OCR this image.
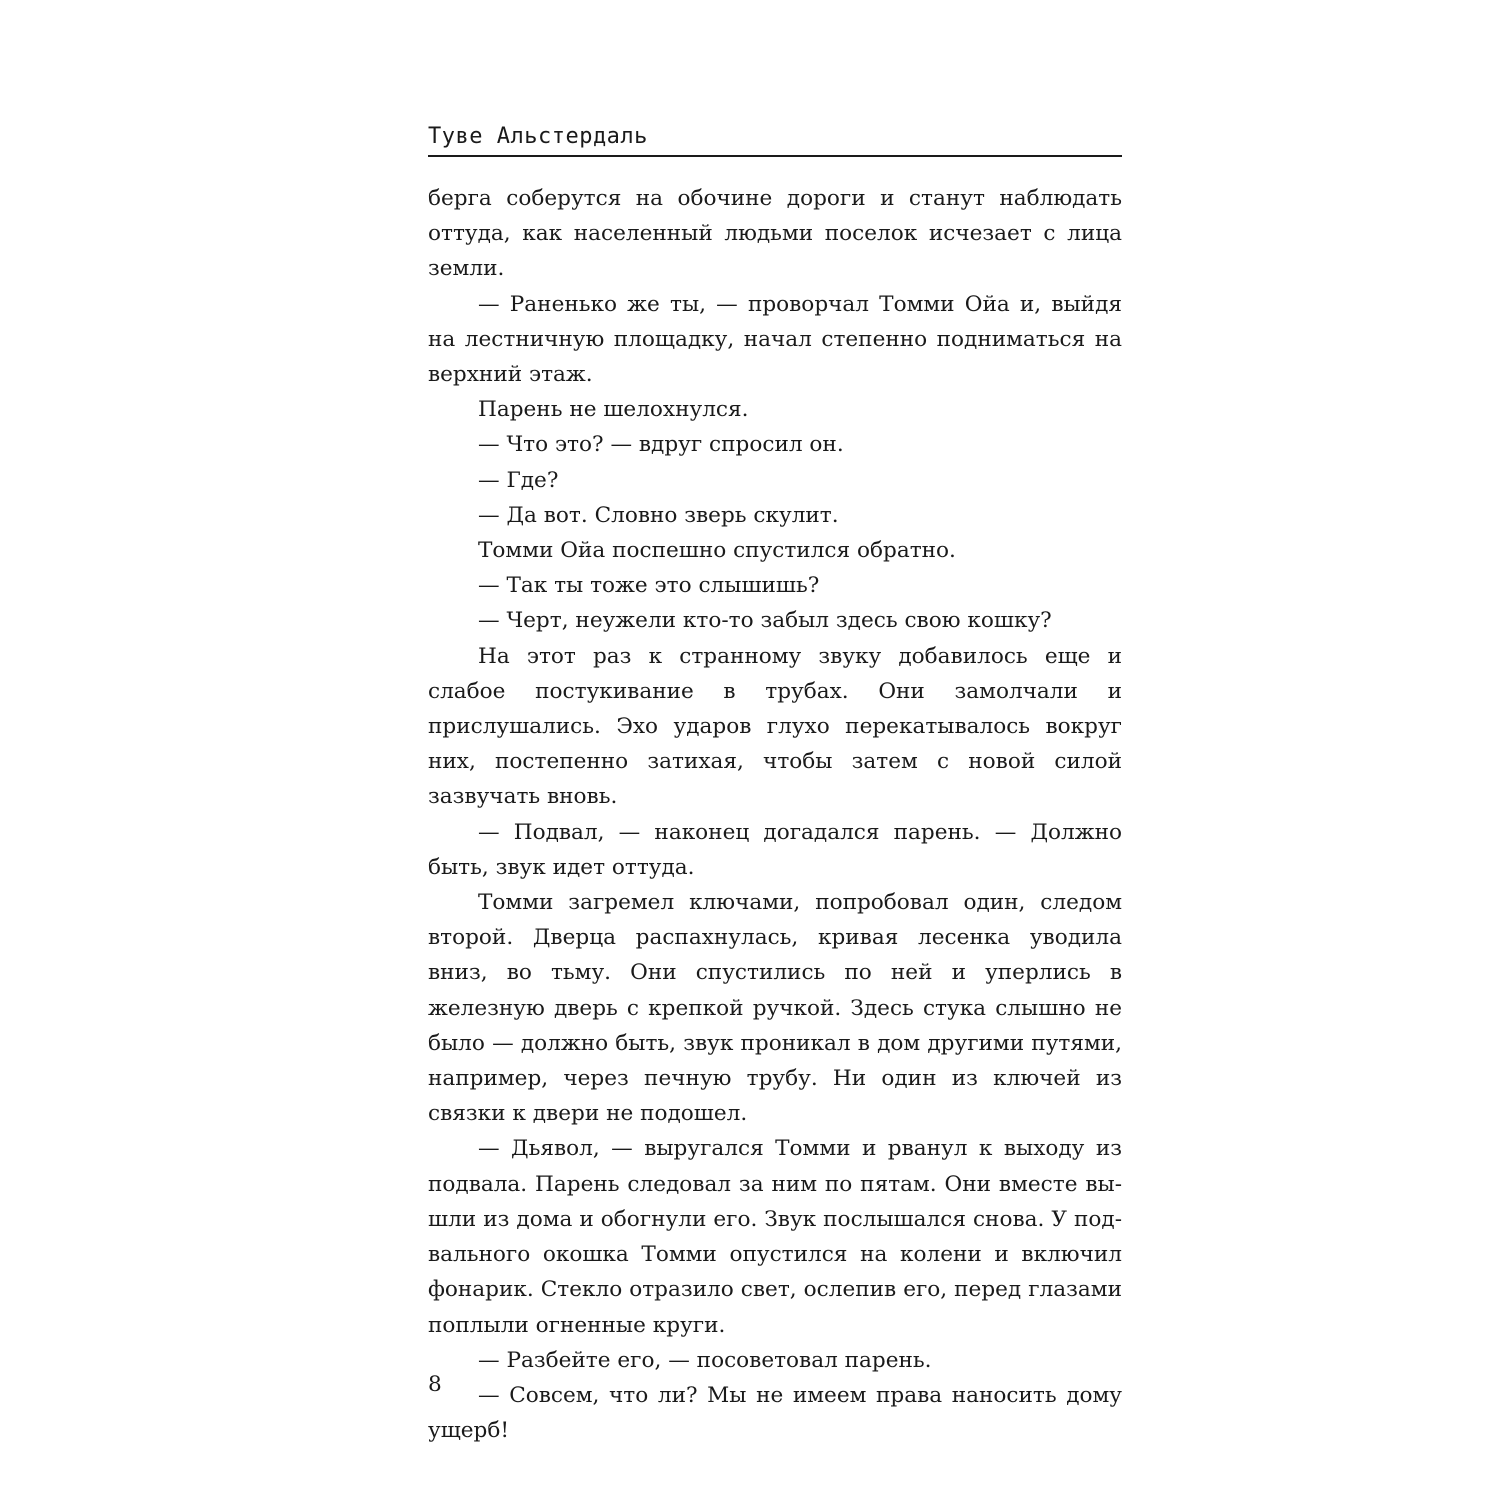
Туве Альстердаль

берга соберутся на обочине дороги и станут наблюдать оттуда, как населенный людьми поселок исчезает с лица земли.

— Раненько же ты, — проворчал Томми Ойа и, выйдя на лестничную площадку, начал степенно подниматься на верхний этаж.

Парень не шелохнулся.

— Что это? — вдруг спросил он.

— Где?

— Да вот. Словно зверь скулит.

Томми Ойа поспешно спустился обратно.

— Так ты тоже это слышишь?

— Черт, неужели кто-то забыл здесь свою кошку?

На этот раз к странному звуку добавилось еще и слабое постукивание в трубах. Они замолчали и прислушались. Эхо ударов глухо перекатывалось вокруг них, постепенно затихая, чтобы затем с новой силой зазвучать вновь.

— Подвал, — наконец догадался парень. — Должно быть, звук идет оттуда.

Томми загремел ключами, попробовал один, следом второй. Дверца распахнулась, кривая лесенка уводила вниз, во тьму. Они спустились по ней и уперлись в железную дверь с крепкой ручкой. Здесь стука слышно не было — должно быть, звук проникал в дом другими путями, например, через печную трубу. Ни один из ключей из связки к двери не подошел.

— Дьявол, — выругался Томми и рванул к выходу из подвала. Парень следовал за ним по пятам. Они вместе вышли из дома и обогнули его. Звук послышался снова. У подвального окошка Томми опустился на колени и включил фонарик. Стекло отразило свет, ослепив его, перед глазами поплыли огненные круги.

— Разбейте его, — посоветовал парень.

— Совсем, что ли? Мы не имеем права наносить дому ущерб!

8
